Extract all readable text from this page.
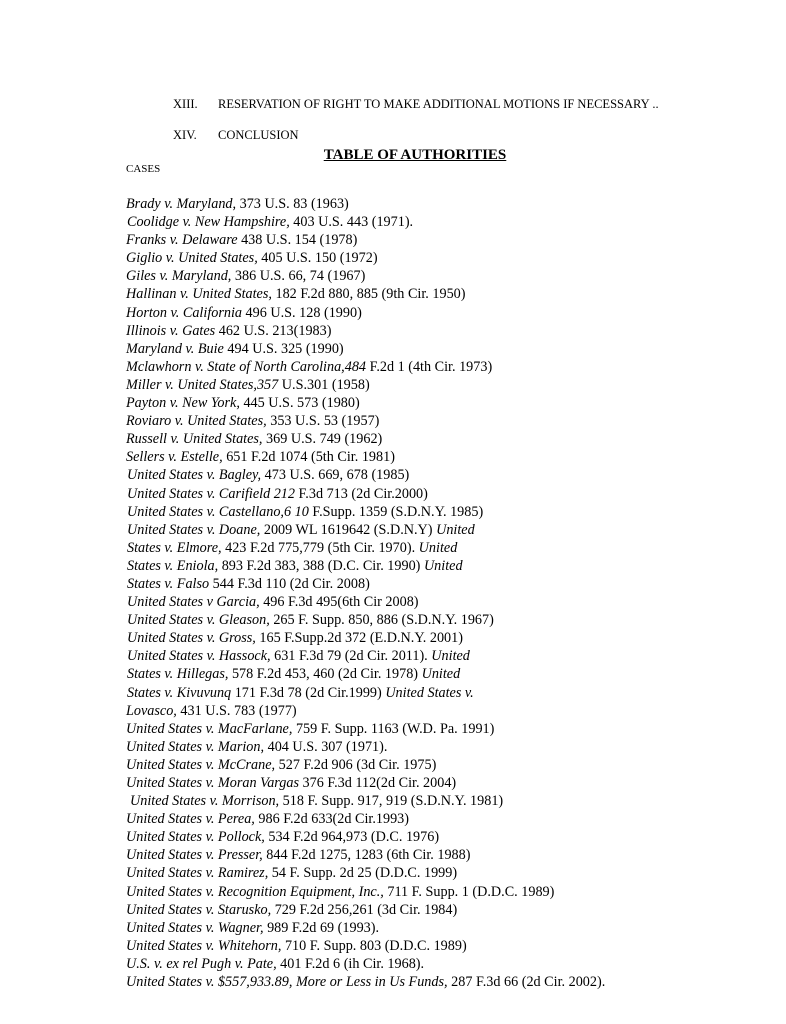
XIII. RESERVATION OF RIGHT TO MAKE ADDITIONAL MOTIONS IF NECESSARY ..
XIV. CONCLUSION
TABLE OF AUTHORITIES
CASES
Brady v. Maryland, 373 U.S. 83 (1963)
Coolidge v. New Hampshire, 403 U.S. 443 (1971).
Franks v. Delaware 438 U.S. 154 (1978)
Giglio v. United States, 405 U.S. 150 (1972)
Giles v. Maryland, 386 U.S. 66, 74 (1967)
Hallinan v. United States, 182 F.2d 880, 885 (9th Cir. 1950)
Horton v. California 496 U.S. 128 (1990)
Illinois v. Gates 462 U.S. 213(1983)
Maryland v. Buie 494 U.S. 325 (1990)
Mclawhorn v. State of North Carolina,484 F.2d 1 (4th Cir. 1973)
Miller v. United States,357 U.S.301 (1958)
Payton v. New York, 445 U.S. 573 (1980)
Roviaro v. United States, 353 U.S. 53 (1957)
Russell v. United States, 369 U.S. 749 (1962)
Sellers v. Estelle, 651 F.2d 1074 (5th Cir. 1981)
United States v. Bagley, 473 U.S. 669, 678 (1985)
United States v. Carifield 212 F.3d 713 (2d Cir.2000)
United States v. Castellano,6 10 F.Supp. 1359 (S.D.N.Y. 1985)
United States v. Doane, 2009 WL 1619642 (S.D.N.Y) United
States v. Elmore, 423 F.2d 775,779 (5th Cir. 1970). United
States v. Eniola, 893 F.2d 383, 388 (D.C. Cir. 1990) United
States v. Falso 544 F.3d 110 (2d Cir. 2008)
United States v Garcia, 496 F.3d 495(6th Cir 2008)
United States v. Gleason, 265 F. Supp. 850, 886 (S.D.N.Y. 1967)
United States v. Gross, 165 F.Supp.2d 372 (E.D.N.Y. 2001)
United States v. Hassock, 631 F.3d 79 (2d Cir. 2011). United
States v. Hillegas, 578 F.2d 453, 460 (2d Cir. 1978) United
States v. Kivuvunq 171 F.3d 78 (2d Cir.1999) United States v.
Lovasco, 431 U.S. 783 (1977)
United States v. MacFarlane, 759 F. Supp. 1163 (W.D. Pa. 1991)
United States v. Marion, 404 U.S. 307 (1971).
United States v. McCrane, 527 F.2d 906 (3d Cir. 1975)
United States v. Moran Vargas 376 F.3d 112(2d Cir. 2004)
United States v. Morrison, 518 F. Supp. 917, 919 (S.D.N.Y. 1981)
United States v. Perea, 986 F.2d 633(2d Cir.1993)
United States v. Pollock, 534 F.2d 964,973 (D.C. 1976)
United States v. Presser, 844 F.2d 1275, 1283 (6th Cir. 1988)
United States v. Ramirez, 54 F. Supp. 2d 25 (D.D.C. 1999)
United States v. Recognition Equipment, Inc., 711 F. Supp. 1 (D.D.C. 1989)
United States v. Starusko, 729 F.2d 256,261 (3d Cir. 1984)
United States v. Wagner, 989 F.2d 69 (1993).
United States v. Whitehorn, 710 F. Supp. 803 (D.D.C. 1989)
U.S. v. ex rel Pugh v. Pate, 401 F.2d 6 (ih Cir. 1968).
United States v. $557,933.89, More or Less in Us Funds, 287 F.3d 66 (2d Cir. 2002).
